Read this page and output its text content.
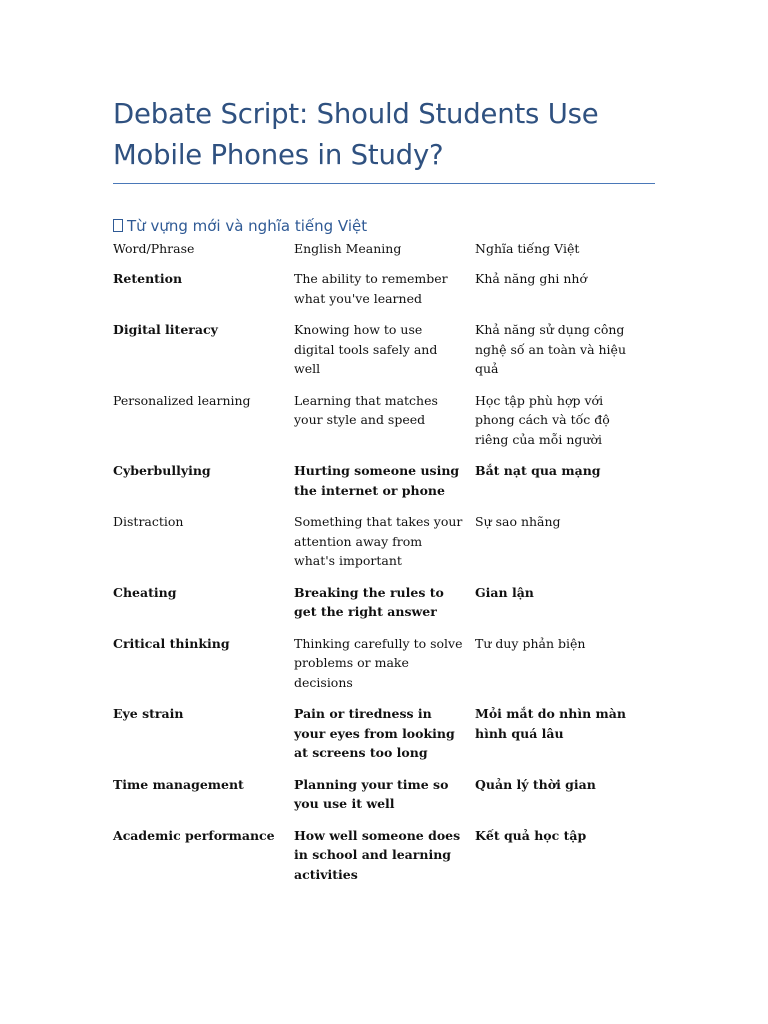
Debate Script: Should Students Use Mobile Phones in Study?
Từ vựng mới và nghĩa tiếng Việt
Word/Phrase	English Meaning	Nghĩa tiếng Việt

Retention	The ability to remember what you've learned	Khả năng ghi nhớ

Digital literacy	Knowing how to use digital tools safely and well	Khả năng sử dụng công nghệ số an toàn và hiệu quả

Personalized learning	Learning that matches your style and speed	Học tập phù hợp với phong cách và tốc độ riêng của mỗi người

Cyberbullying	Hurting someone using the internet or phone	Bắt nạt qua mạng

Distraction	Something that takes your attention away from what's important	Sự sao nhãng

Cheating	Breaking the rules to get the right answer	Gian lận

Critical thinking	Thinking carefully to solve problems or make decisions	Tư duy phản biện

Eye strain	Pain or tiredness in your eyes from looking at screens too long	Mỏi mắt do nhìn màn hình quá lâu

Time management	Planning your time so you use it well	Quản lý thời gian

Academic performance	How well someone does in school and learning activities	Kết quả học tập
